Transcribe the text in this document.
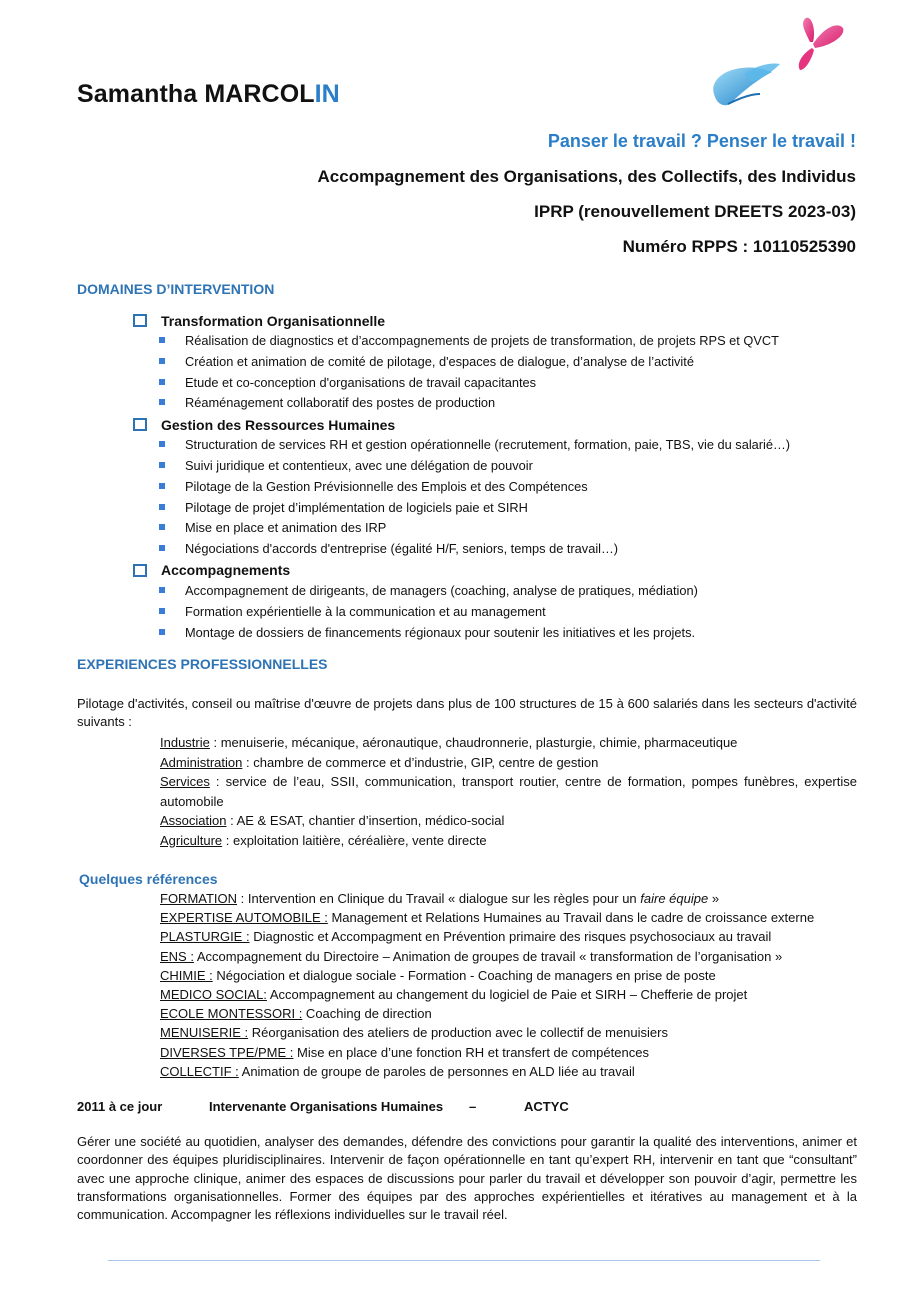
Samantha MARCOLIN
Panser le travail ? Penser le travail !
Accompagnement des Organisations, des Collectifs, des Individus
IPRP (renouvellement DREETS 2023-03)
Numéro RPPS : 10110525390
DOMAINES D’INTERVENTION
Transformation Organisationnelle
Réalisation de diagnostics et d’accompagnements de projets de transformation, de projets RPS et QVCT
Création et animation de comité de pilotage, d'espaces de dialogue, d’analyse de l’activité
Etude et co-conception d'organisations de travail capacitantes
Réaménagement collaboratif des postes de production
Gestion des Ressources Humaines
Structuration de services RH et gestion opérationnelle (recrutement, formation, paie, TBS, vie du salarié…)
Suivi juridique et contentieux, avec une délégation de pouvoir
Pilotage de la Gestion Prévisionnelle des Emplois et des Compétences
Pilotage de projet d’implémentation de logiciels paie et SIRH
Mise en place et animation des IRP
Négociations d'accords d'entreprise (égalité H/F, seniors, temps de travail…)
Accompagnements
Accompagnement de dirigeants, de managers (coaching, analyse de pratiques, médiation)
Formation expérientielle à la communication et au management
Montage de dossiers de financements régionaux pour soutenir les initiatives et les projets.
EXPERIENCES PROFESSIONNELLES
Pilotage d'activités, conseil ou maîtrise d'œuvre de projets dans plus de 100 structures de 15 à 600 salariés dans les secteurs d'activité suivants :
Industrie : menuiserie, mécanique, aéronautique, chaudronnerie, plasturgie, chimie, pharmaceutique
Administration : chambre de commerce et d’industrie, GIP, centre de gestion
Services : service de l’eau, SSII, communication, transport routier, centre de formation, pompes funèbres, expertise automobile
Association : AE & ESAT, chantier d’insertion, médico-social
Agriculture : exploitation laitière, céréalière, vente directe
Quelques références
FORMATION : Intervention en Clinique du Travail « dialogue sur les règles pour un faire équipe »
EXPERTISE AUTOMOBILE : Management et Relations Humaines au Travail dans le cadre de croissance externe
PLASTURGIE : Diagnostic et Accompagment en Prévention primaire des risques psychosociaux au travail
ENS : Accompagnement du Directoire – Animation de groupes de travail « transformation de l’organisation »
CHIMIE : Négociation et dialogue sociale - Formation - Coaching de managers en prise de poste
MEDICO SOCIAL: Accompagnement au changement du logiciel de Paie et SIRH – Chefferie de projet
ECOLE MONTESSORI : Coaching de direction
MENUISERIE : Réorganisation des ateliers de production avec le collectif de menuisiers
DIVERSES TPE/PME : Mise en place d’une fonction RH et transfert de compétences
COLLECTIF : Animation de groupe de paroles de personnes en ALD liée au travail
2011 à ce jour	Intervenante Organisations Humaines –	ACTYC
Gérer une société au quotidien, analyser des demandes, défendre des convictions pour garantir la qualité des interventions, animer et coordonner des équipes pluridisciplinaires. Intervenir de façon opérationnelle en tant qu’expert RH, intervenir en tant que “consultant” avec une approche clinique, animer des espaces de discussions pour parler du travail et développer son pouvoir d’agir, permettre les transformations organisationnelles. Former des équipes par des approches expérientielles et itératives au management et à la communication. Accompagner les réflexions individuelles sur le travail réel.
